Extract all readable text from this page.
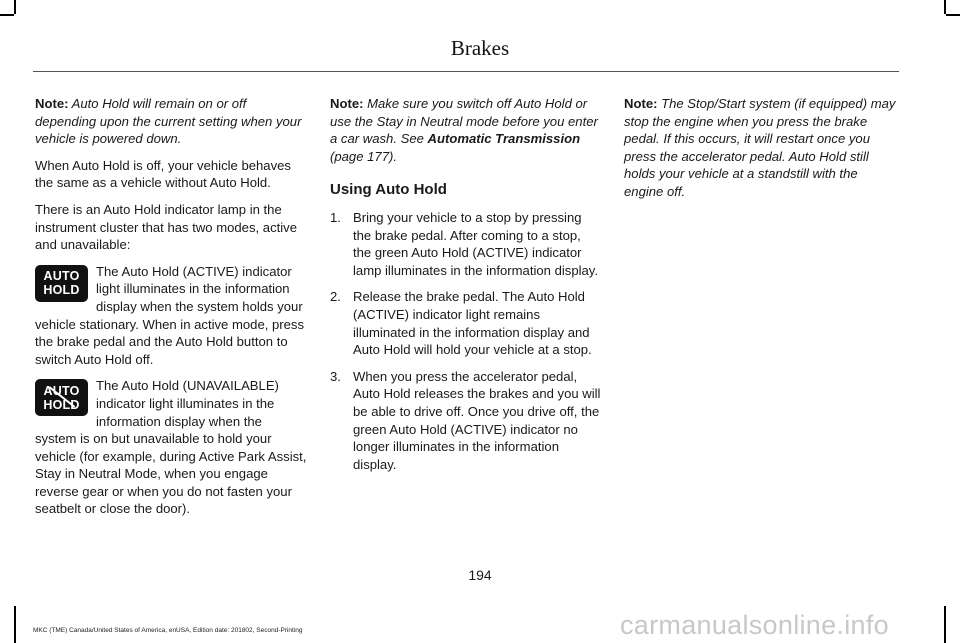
Brakes

Note: Auto Hold will remain on or off depending upon the current setting when your vehicle is powered down.

When Auto Hold is off, your vehicle behaves the same as a vehicle without Auto Hold.

There is an Auto Hold indicator lamp in the instrument cluster that has two modes, active and unavailable:

AUTO
HOLD
The Auto Hold (ACTIVE) indicator light illuminates in the information display when the system holds your vehicle stationary. When in active mode, press the brake pedal and the Auto Hold button to switch Auto Hold off.
AUTO
HOLD
The Auto Hold (UNAVAILABLE) indicator light illuminates in the information display when the system is on but unavailable to hold your vehicle (for example, during Active Park Assist, Stay in Neutral Mode, when you engage reverse gear or when you do not fasten your seatbelt or close the door).

Note: Make sure you switch off Auto Hold or use the Stay in Neutral mode before you enter a car wash. See Automatic Transmission (page 177).

Using Auto Hold
1. Bring your vehicle to a stop by pressing the brake pedal. After coming to a stop, the green Auto Hold (ACTIVE) indicator lamp illuminates in the information display.
2. Release the brake pedal. The Auto Hold (ACTIVE) indicator light remains illuminated in the information display and Auto Hold will hold your vehicle at a stop.
3. When you press the accelerator pedal, Auto Hold releases the brakes and you will be able to drive off. Once you drive off, the green Auto Hold (ACTIVE) indicator no longer illuminates in the information display.

Note: The Stop/Start system (if equipped) may stop the engine when you press the brake pedal. If this occurs, it will restart once you press the accelerator pedal. Auto Hold still holds your vehicle at a standstill with the engine off.

194
MKC (TME) Canada/United States of America, enUSA, Edition date: 201802, Second-Printing	carmanualsonline.info
